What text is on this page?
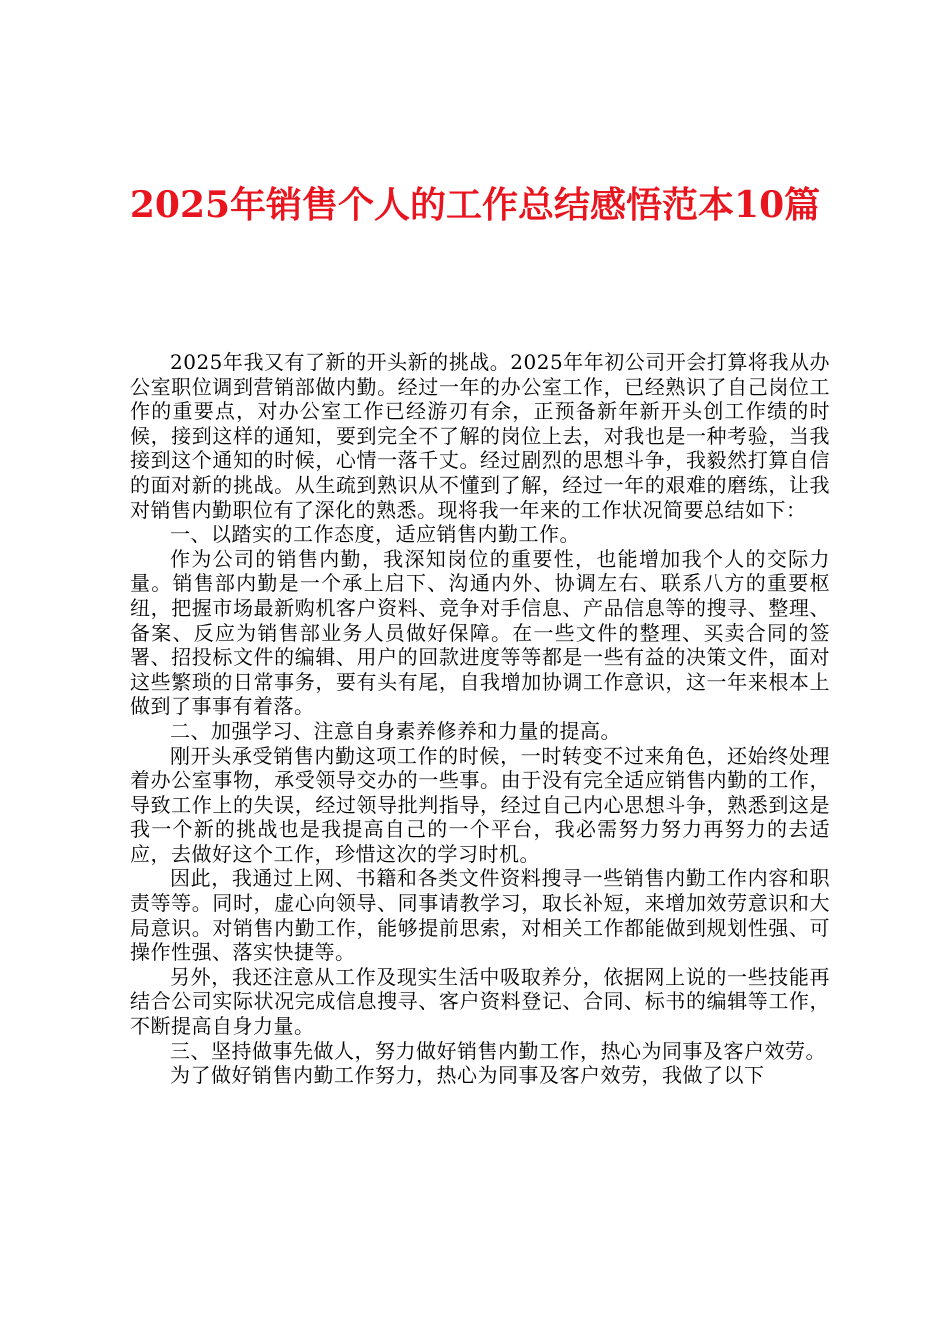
2025年销售个人的工作总结感悟范本10篇

2025年我又有了新的开头新的挑战。2025年年初公司开会打算将我从办公室职位调到营销部做内勤。经过一年的办公室工作，已经熟识了自己岗位工作的重要点，对办公室工作已经游刃有余，正预备新年新开头创工作绩的时候，接到这样的通知，要到完全不了解的岗位上去，对我也是一种考验，当我接到这个通知的时候，心情一落千丈。经过剧烈的思想斗争，我毅然打算自信的面对新的挑战。从生疏到熟识从不懂到了解，经过一年的艰难的磨练，让我对销售内勤职位有了深化的熟悉。现将我一年来的工作状况简要总结如下：

一、以踏实的工作态度，适应销售内勤工作。

作为公司的销售内勤，我深知岗位的重要性，也能增加我个人的交际力量。销售部内勤是一个承上启下、沟通内外、协调左右、联系八方的重要枢纽，把握市场最新购机客户资料、竞争对手信息、产品信息等的搜寻、整理、备案、反应为销售部业务人员做好保障。在一些文件的整理、买卖合同的签署、招投标文件的编辑、用户的回款进度等等都是一些有益的决策文件，面对这些繁琐的日常事务，要有头有尾，自我增加协调工作意识，这一年来根本上做到了事事有着落。

二、加强学习、注意自身素养修养和力量的提高。

刚开头承受销售内勤这项工作的时候，一时转变不过来角色，还始终处理着办公室事物，承受领导交办的一些事。由于没有完全适应销售内勤的工作，导致工作上的失误，经过领导批判指导，经过自己内心思想斗争，熟悉到这是我一个新的挑战也是我提高自己的一个平台，我必需努力努力再努力的去适应，去做好这个工作，珍惜这次的学习时机。

因此，我通过上网、书籍和各类文件资料搜寻一些销售内勤工作内容和职责等等。同时，虚心向领导、同事请教学习，取长补短，来增加效劳意识和大局意识。对销售内勤工作，能够提前思索，对相关工作都能做到规划性强、可操作性强、落实快捷等。

另外，我还注意从工作及现实生活中吸取养分，依据网上说的一些技能再结合公司实际状况完成信息搜寻、客户资料登记、合同、标书的编辑等工作，不断提高自身力量。

三、坚持做事先做人，努力做好销售内勤工作，热心为同事及客户效劳。

为了做好销售内勤工作努力，热心为同事及客户效劳，我做了以下
